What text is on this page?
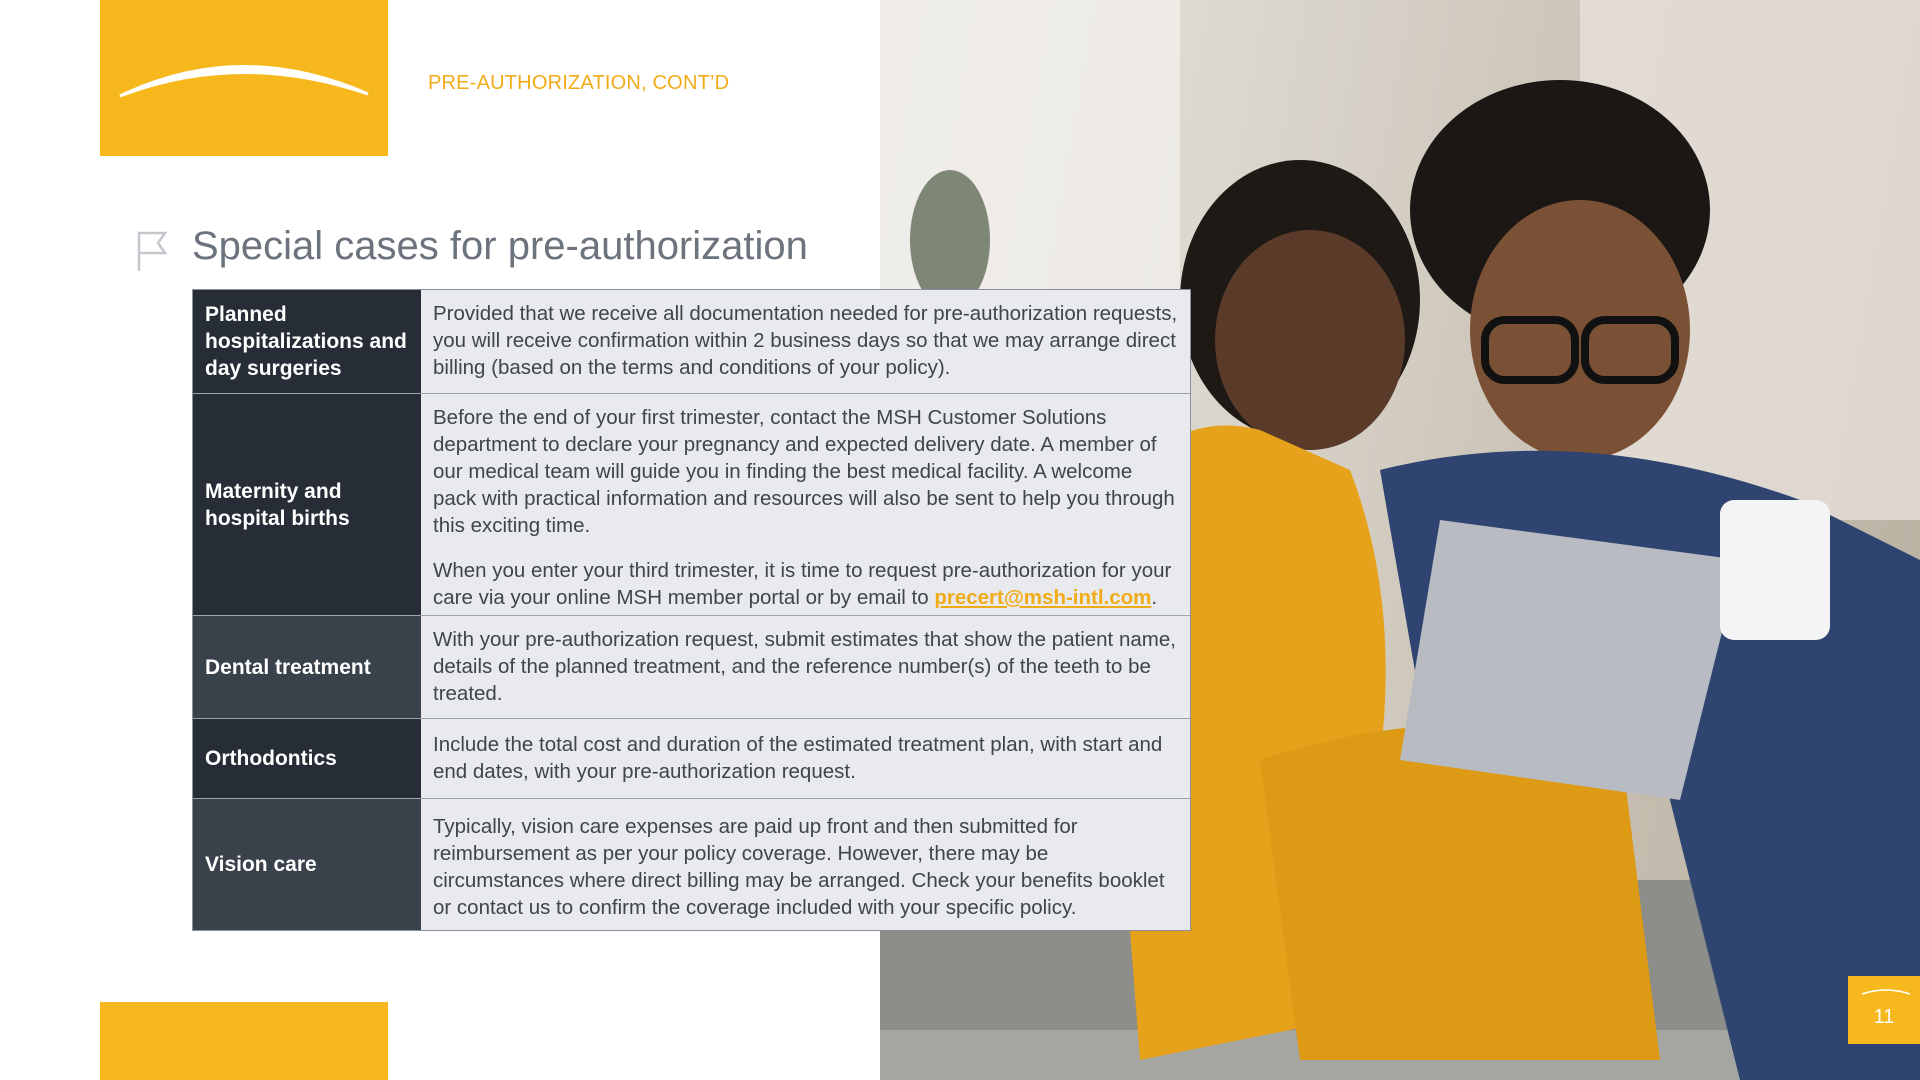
PRE-AUTHORIZATION, CONT’D
Special cases for pre-authorization
Planned hospitalizations and day surgeries

Provided that we receive all documentation needed for pre-authorization requests, you will receive confirmation within 2 business days so that we may arrange direct billing (based on the terms and conditions of your policy).

Maternity and hospital births

Before the end of your first trimester, contact the MSH Customer Solutions department to declare your pregnancy and expected delivery date. A member of our medical team will guide you in finding the best medical facility. A welcome pack with practical information and resources will also be sent to help you through this exciting time.

When you enter your third trimester, it is time to request pre-authorization for your care via your online MSH member portal or by email to precert@msh-intl.com.

Dental treatment

With your pre-authorization request, submit estimates that show the patient name, details of the planned treatment, and the reference number(s) of the teeth to be treated.

Orthodontics

Include the total cost and duration of the estimated treatment plan, with start and end dates, with your pre-authorization request.

Vision care

Typically, vision care expenses are paid up front and then submitted for reimbursement as per your policy coverage. However, there may be circumstances where direct billing may be arranged. Check your benefits booklet or contact us to confirm the coverage included with your specific policy.

11
